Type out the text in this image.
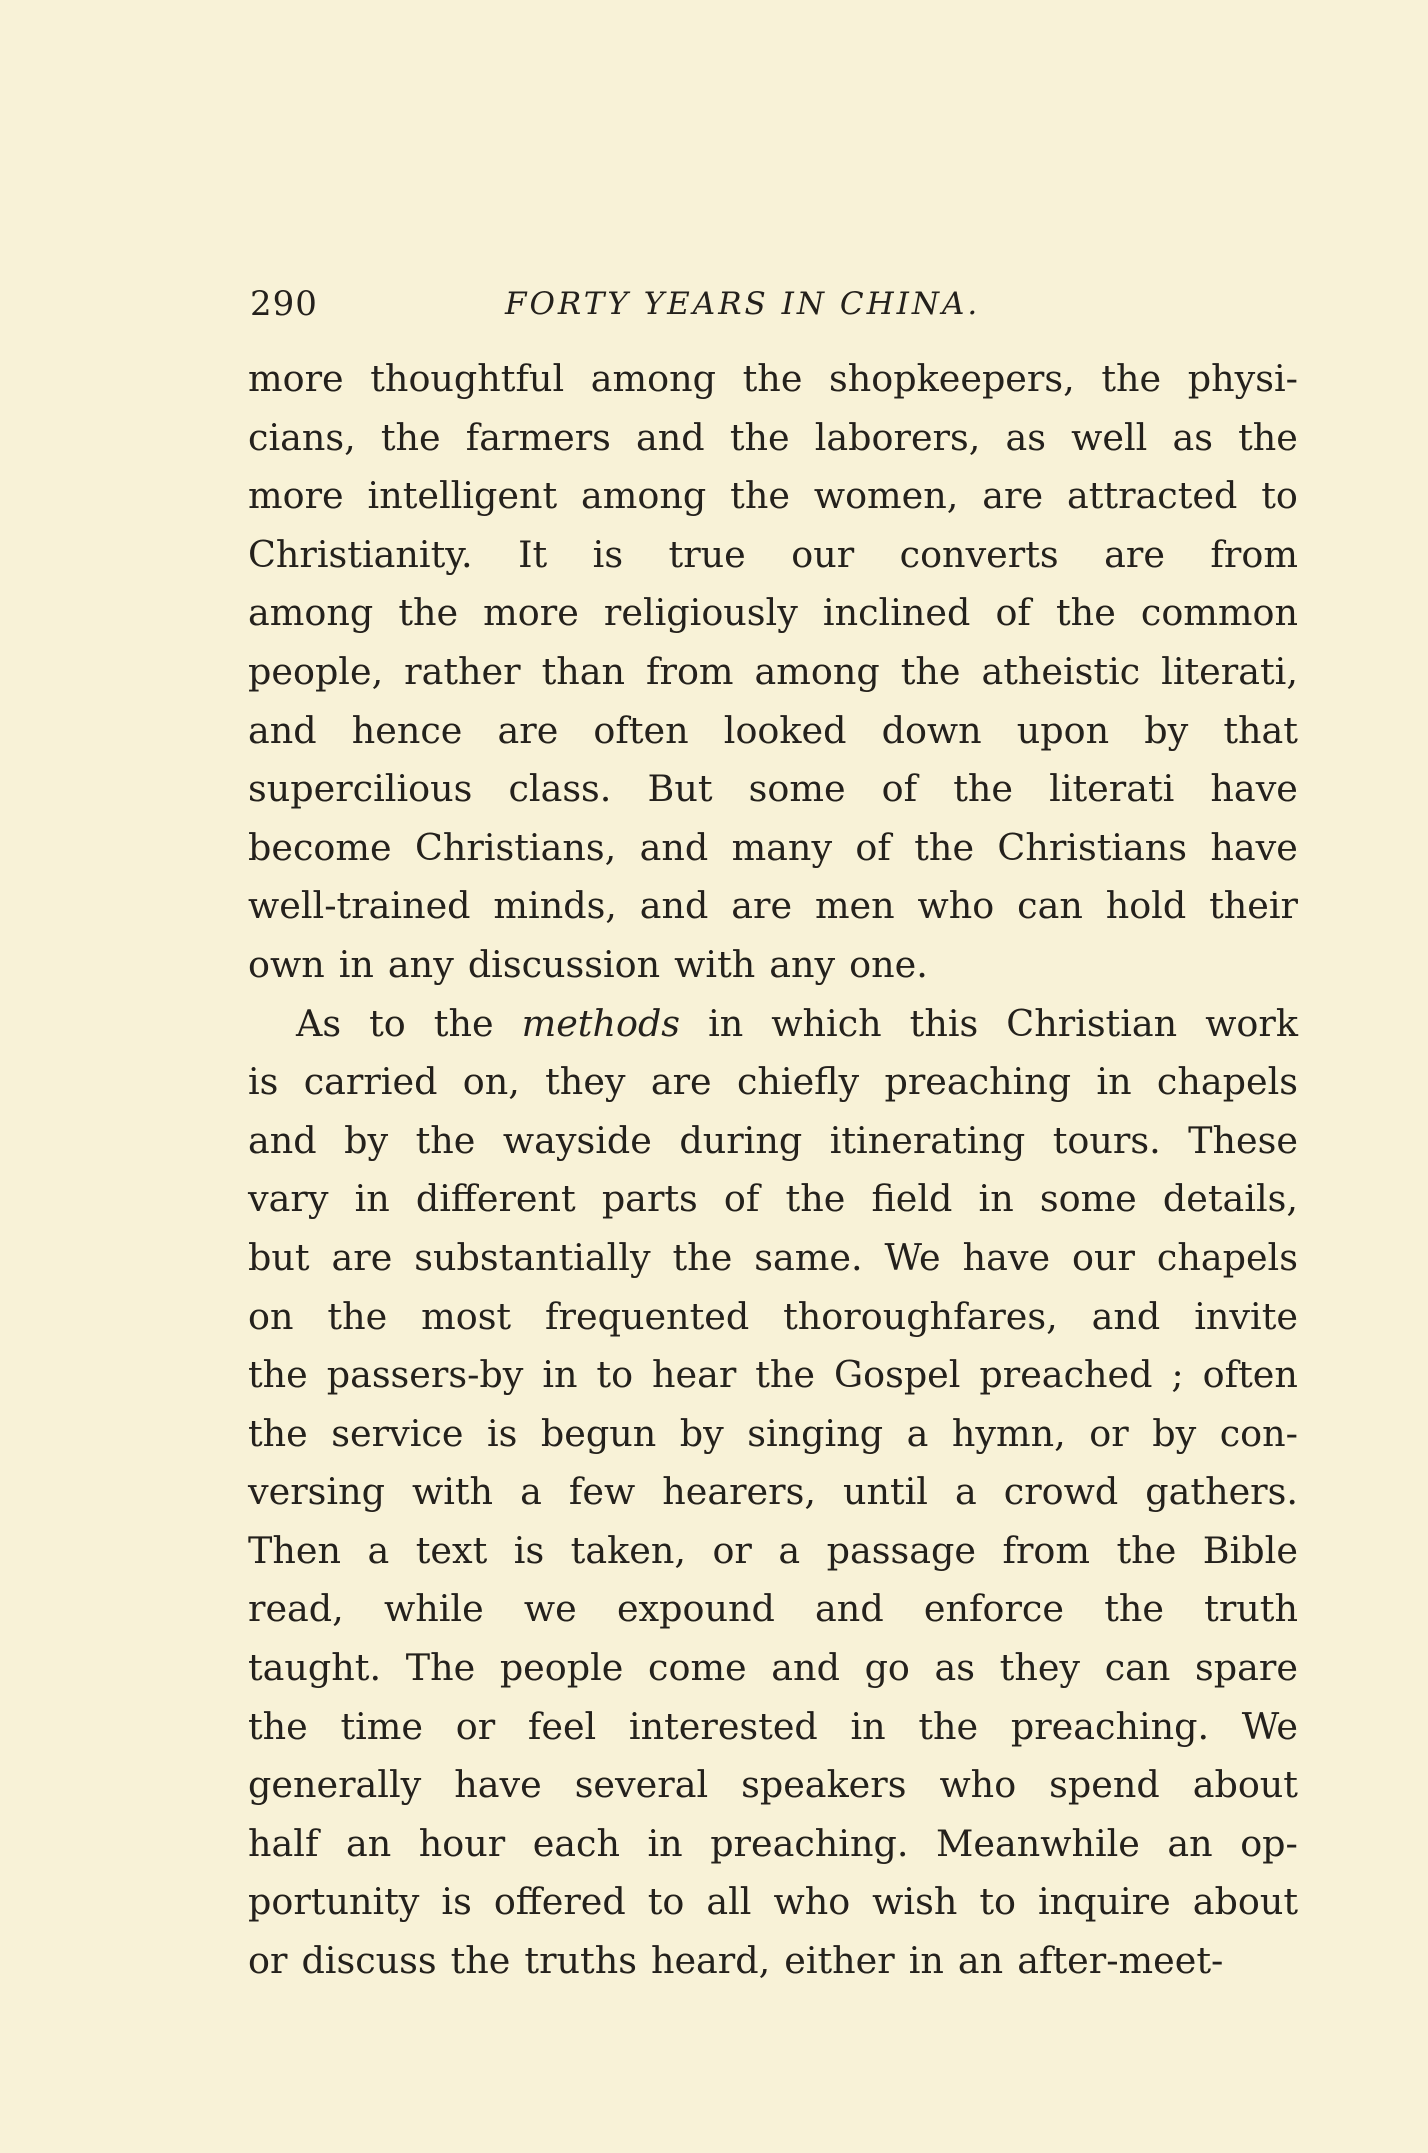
290	FORTY YEARS IN CHINA.
more thoughtful among the shopkeepers, the physi-
cians, the farmers and the laborers, as well as the
more intelligent among the women, are attracted to
Christianity. It is true our converts are from
among the more religiously inclined of the common
people, rather than from among the atheistic literati,
and hence are often looked down upon by that
supercilious class. But some of the literati have
become Christians, and many of the Christians have
well-trained minds, and are men who can hold their
own in any discussion with any one.
As to the methods in which this Christian work
is carried on, they are chiefly preaching in chapels
and by the wayside during itinerating tours. These
vary in different parts of the field in some details,
but are substantially the same. We have our chapels
on the most frequented thoroughfares, and invite
the passers-by in to hear the Gospel preached ; often
the service is begun by singing a hymn, or by con-
versing with a few hearers, until a crowd gathers.
Then a text is taken, or a passage from the Bible
read, while we expound and enforce the truth
taught. The people come and go as they can spare
the time or feel interested in the preaching. We
generally have several speakers who spend about
half an hour each in preaching. Meanwhile an op-
portunity is offered to all who wish to inquire about
or discuss the truths heard, either in an after-meet-
